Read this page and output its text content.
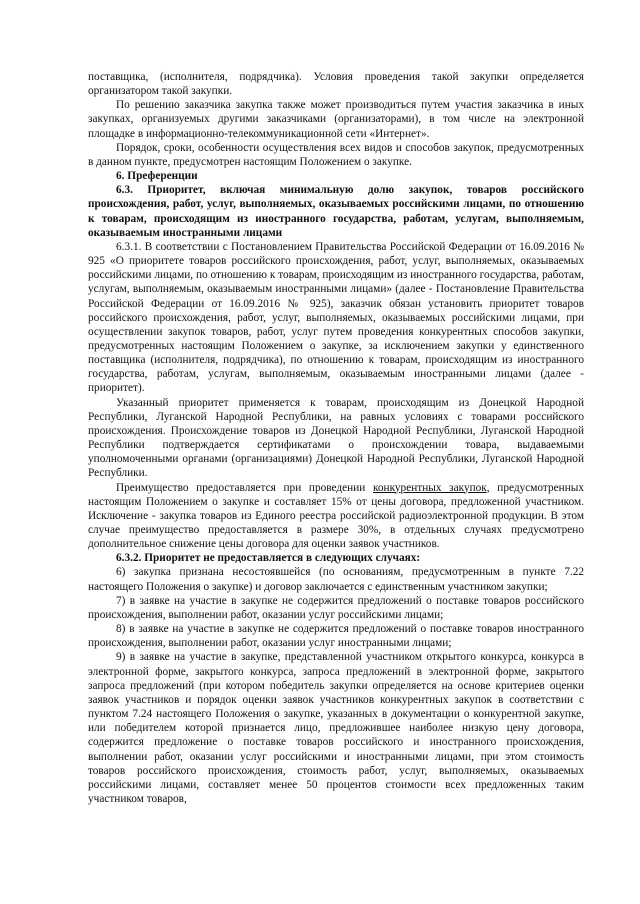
поставщика, (исполнителя, подрядчика). Условия проведения такой закупки определяется организатором такой закупки.

По решению заказчика закупка также может производиться путем участия заказчика в иных закупках, организуемых другими заказчиками (организаторами), в том числе на электронной площадке в информационно-телекоммуникационной сети «Интернет».

Порядок, сроки, особенности осуществления всех видов и способов закупок, предусмотренных в данном пункте, предусмотрен настоящим Положением о закупке.

6. Преференции

6.3. Приоритет, включая минимальную долю закупок, товаров российского происхождения, работ, услуг, выполняемых, оказываемых российскими лицами, по отношению к товарам, происходящим из иностранного государства, работам, услугам, выполняемым, оказываемым иностранными лицами

6.3.1. В соответствии с Постановлением Правительства Российской Федерации от 16.09.2016 № 925 «О приоритете товаров российского происхождения, работ, услуг, выполняемых, оказываемых российскими лицами, по отношению к товарам, происходящим из иностранного государства, работам, услугам, выполняемым, оказываемым иностранными лицами» (далее - Постановление Правительства Российской Федерации от 16.09.2016 № 925), заказчик обязан установить приоритет товаров российского происхождения, работ, услуг, выполняемых, оказываемых российскими лицами, при осуществлении закупок товаров, работ, услуг путем проведения конкурентных способов закупки, предусмотренных настоящим Положением о закупке, за исключением закупки у единственного поставщика (исполнителя, подрядчика), по отношению к товарам, происходящим из иностранного государства, работам, услугам, выполняемым, оказываемым иностранными лицами (далее - приоритет).

Указанный приоритет применяется к товарам, происходящим из Донецкой Народной Республики, Луганской Народной Республики, на равных условиях с товарами российского происхождения. Происхождение товаров из Донецкой Народной Республики, Луганской Народной Республики подтверждается сертификатами о происхождении товара, выдаваемыми уполномоченными органами (организациями) Донецкой Народной Республики, Луганской Народной Республики.

Преимущество предоставляется при проведении конкурентных закупок, предусмотренных настоящим Положением о закупке и составляет 15% от цены договора, предложенной участником. Исключение - закупка товаров из Единого реестра российской радиоэлектронной продукции. В этом случае преимущество предоставляется в размере 30%, в отдельных случаях предусмотрено дополнительное снижение цены договора для оценки заявок участников.

6.3.2. Приоритет не предоставляется в следующих случаях:

6) закупка признана несостоявшейся (по основаниям, предусмотренным в пункте 7.22 настоящего Положения о закупке) и договор заключается с единственным участником закупки;

7) в заявке на участие в закупке не содержится предложений о поставке товаров российского происхождения, выполнении работ, оказании услуг российскими лицами;

8) в заявке на участие в закупке не содержится предложений о поставке товаров иностранного происхождения, выполнении работ, оказании услуг иностранными лицами;

9) в заявке на участие в закупке, представленной участником открытого конкурса, конкурса в электронной форме, закрытого конкурса, запроса предложений в электронной форме, закрытого запроса предложений (при котором победитель закупки определяется на основе критериев оценки заявок участников и порядок оценки заявок участников конкурентных закупок в соответствии с пунктом 7.24 настоящего Положения о закупке, указанных в документации о конкурентной закупке, или победителем которой признается лицо, предложившее наиболее низкую цену договора, содержится предложение о поставке товаров российского и иностранного происхождения, выполнении работ, оказании услуг российскими и иностранными лицами, при этом стоимость товаров российского происхождения, стоимость работ, услуг, выполняемых, оказываемых российскими лицами, составляет менее 50 процентов стоимости всех предложенных таким участником товаров,
